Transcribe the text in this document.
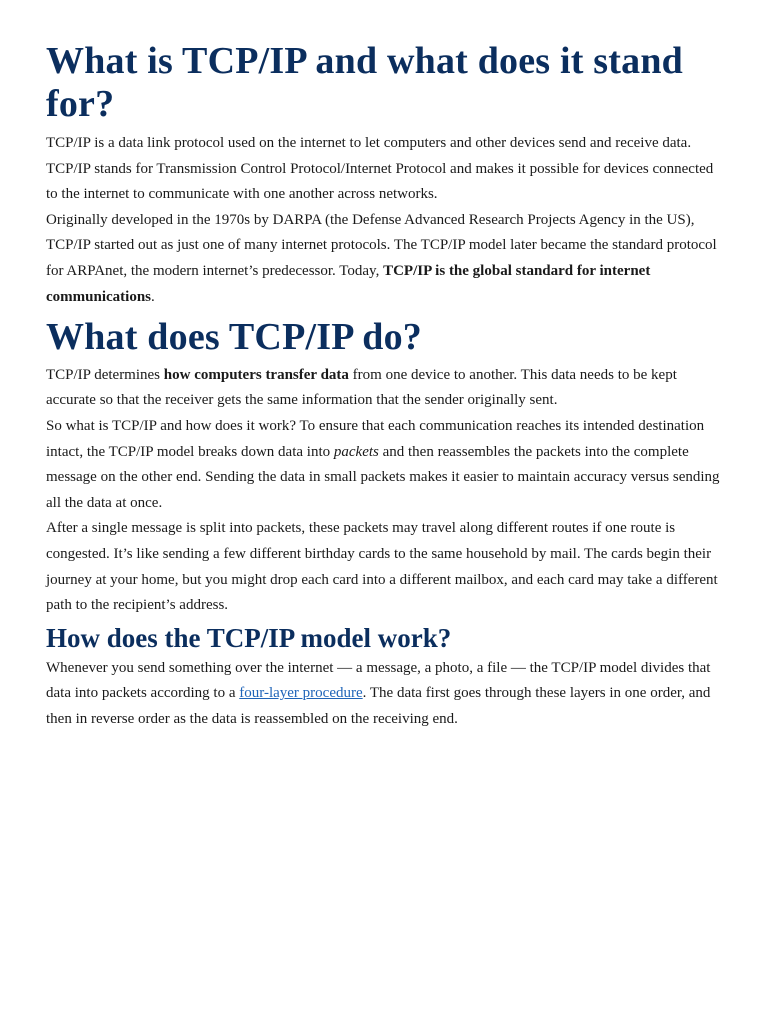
What is TCP/IP and what does it stand for?

TCP/IP is a data link protocol used on the internet to let computers and other devices send and receive data. TCP/IP stands for Transmission Control Protocol/Internet Protocol and makes it possible for devices connected to the internet to communicate with one another across networks.

Originally developed in the 1970s by DARPA (the Defense Advanced Research Projects Agency in the US), TCP/IP started out as just one of many internet protocols. The TCP/IP model later became the standard protocol for ARPAnet, the modern internet’s predecessor. Today, TCP/IP is the global standard for internet communications.

What does TCP/IP do?

TCP/IP determines how computers transfer data from one device to another. This data needs to be kept accurate so that the receiver gets the same information that the sender originally sent.

So what is TCP/IP and how does it work? To ensure that each communication reaches its intended destination intact, the TCP/IP model breaks down data into packets and then reassembles the packets into the complete message on the other end. Sending the data in small packets makes it easier to maintain accuracy versus sending all the data at once.

After a single message is split into packets, these packets may travel along different routes if one route is congested. It’s like sending a few different birthday cards to the same household by mail. The cards begin their journey at your home, but you might drop each card into a different mailbox, and each card may take a different path to the recipient’s address.

How does the TCP/IP model work?

Whenever you send something over the internet — a message, a photo, a file — the TCP/IP model divides that data into packets according to a four-layer procedure. The data first goes through these layers in one order, and then in reverse order as the data is reassembled on the receiving end.
